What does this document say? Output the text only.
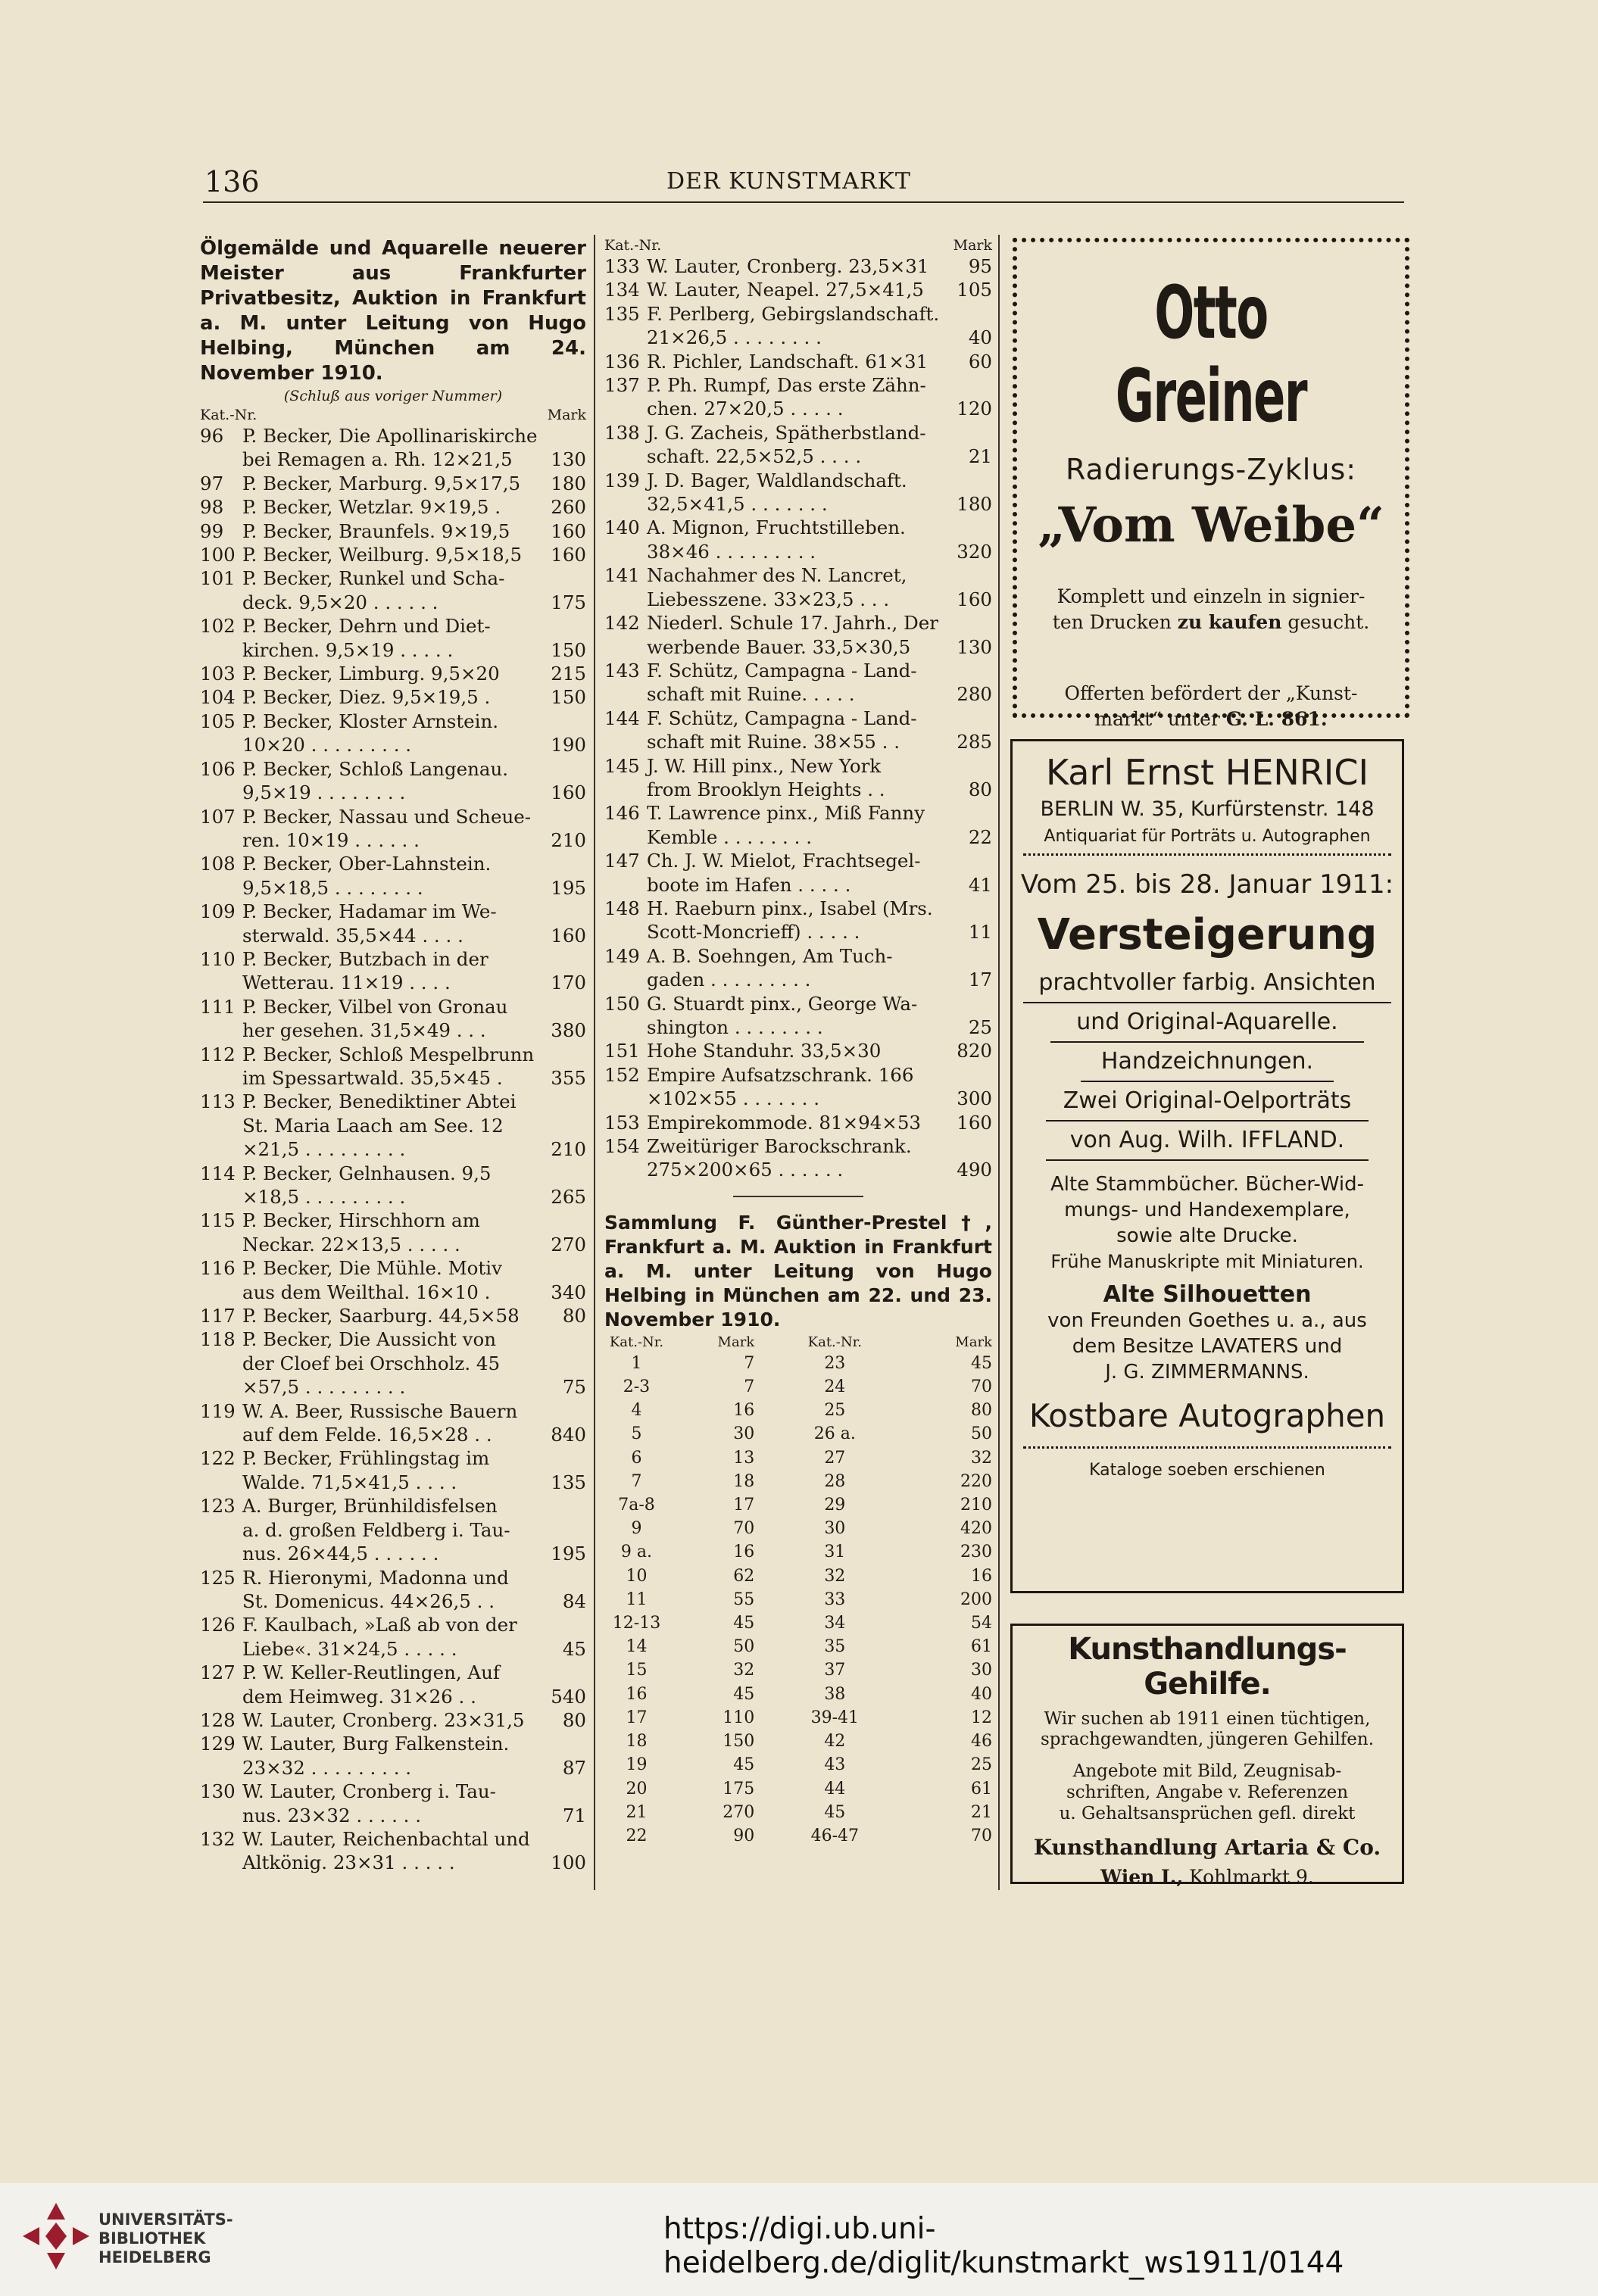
136	DER KUNSTMARKT
Ölgemälde und Aquarelle neuerer Meister aus Frankfurter Privatbesitz, Auktion in Frankfurt a. M. unter Leitung von Hugo Helbing, München am 24. November 1910.
(Schluß aus voriger Nummer)
Kat.-Nr.	Mark
96	P. Becker, Die Apollinariskirche
bei Remagen a. Rh. 12×21,5	130
97	P. Becker, Marburg. 9,5×17,5	180
98	P. Becker, Wetzlar. 9×19,5 .	260
99	P. Becker, Braunfels. 9×19,5	160
100 P. Becker, Weilburg. 9,5×18,5	160
101 P. Becker, Runkel und Scha-
deck. 9,5×20 . . . . . .	175
102 P. Becker, Dehrn und Diet-
kirchen. 9,5×19 . . . . .	150
103 P. Becker, Limburg. 9,5×20	215
104 P. Becker, Diez. 9,5×19,5 .	150
105 P. Becker, Kloster Arnstein.
10×20 . . . . . . . . .	190
106 P. Becker, Schloß Langenau.
9,5×19 . . . . . . . .	160
107 P. Becker, Nassau und Scheue-
ren. 10×19 . . . . . .	210
108 P. Becker, Ober-Lahnstein.
9,5×18,5 . . . . . . . .	195
109 P. Becker, Hadamar im We-
sterwald. 35,5×44 . . . .	160
110 P. Becker, Butzbach in der
Wetterau. 11×19 . . . .	170
111 P. Becker, Vilbel von Gronau
her gesehen. 31,5×49 . . .	380
112 P. Becker, Schloß Mespelbrunn
im Spessartwald. 35,5×45 .	355
113 P. Becker, Benediktiner Abtei
St. Maria Laach am See. 12
×21,5 . . . . . . . . .	210
114 P. Becker, Gelnhausen. 9,5
×18,5 . . . . . . . . .	265
115 P. Becker, Hirschhorn am
Neckar. 22×13,5 . . . . .	270
116 P. Becker, Die Mühle. Motiv
aus dem Weilthal. 16×10 .	340
117 P. Becker, Saarburg. 44,5×58	80
118 P. Becker, Die Aussicht von
der Cloef bei Orschholz. 45
×57,5 . . . . . . . . .	75
119 W. A. Beer, Russische Bauern
auf dem Felde. 16,5×28 . .	840
122 P. Becker, Frühlingstag im
Walde. 71,5×41,5 . . . .	135
123 A. Burger, Brünhildisfelsen
a. d. großen Feldberg i. Tau-
nus. 26×44,5 . . . . . .	195
125 R. Hieronymi, Madonna und
St. Domenicus. 44×26,5 . .	84
126 F. Kaulbach, »Laß ab von der
Liebe«. 31×24,5 . . . . .	45
127 P. W. Keller-Reutlingen, Auf
dem Heimweg. 31×26 . .	540
128 W. Lauter, Cronberg. 23×31,5	80
129 W. Lauter, Burg Falkenstein.
23×32 . . . . . . . . .	87
130 W. Lauter, Cronberg i. Tau-
nus. 23×32 . . . . . .	71
132 W. Lauter, Reichenbachtal und
Altkönig. 23×31 . . . . .	100
Kat.-Nr.	Mark
133 W. Lauter, Cronberg. 23,5×31	95
134 W. Lauter, Neapel. 27,5×41,5	105
135 F. Perlberg, Gebirgslandschaft.
21×26,5 . . . . . . . .	40
136 R. Pichler, Landschaft. 61×31	60
137 P. Ph. Rumpf, Das erste Zähn-
chen. 27×20,5 . . . . .	120
138 J. G. Zacheis, Spätherbstland-
schaft. 22,5×52,5 . . . .	21
139 J. D. Bager, Waldlandschaft.
32,5×41,5 . . . . . . .	180
140 A. Mignon, Fruchtstilleben.
38×46 . . . . . . . . .	320
141 Nachahmer des N. Lancret,
Liebesszene. 33×23,5 . . .	160
142 Niederl. Schule 17. Jahrh., Der
werbende Bauer. 33,5×30,5	130
143 F. Schütz, Campagna - Land-
schaft mit Ruine. . . . .	280
144 F. Schütz, Campagna - Land-
schaft mit Ruine. 38×55 . .	285
145 J. W. Hill pinx., New York
from Brooklyn Heights . .	80
146 T. Lawrence pinx., Miß Fanny
Kemble . . . . . . . .	22
147 Ch. J. W. Mielot, Frachtsegel-
boote im Hafen . . . . .	41
148 H. Raeburn pinx., Isabel (Mrs.
Scott-Moncrieff) . . . . .	11
149 A. B. Soehngen, Am Tuch-
gaden . . . . . . . . .	17
150 G. Stuardt pinx., George Wa-
shington . . . . . . . .	25
151 Hohe Standuhr. 33,5×30	820
152 Empire Aufsatzschrank. 166
×102×55 . . . . . . .	300
153 Empirekommode. 81×94×53	160
154 Zweitüriger Barockschrank.
275×200×65 . . . . . .	490
Sammlung F. Günther-Prestel†, Frankfurt a. M. Auktion in Frankfurt a. M. unter Leitung von Hugo Helbing in München am 22. und 23. November 1910.
Kat.-Nr.	Mark	Kat.-Nr.	Mark
1	7	23	45
2-3	7	24	70
4	16	25	80
5	30	26 a.	50
6	13	27	32
7	18	28	220
7a-8	17	29	210
9	70	30	420
9 a.	16	31	230
10	62	32	16
11	55	33	200
12-13	45	34	54
14	50	35	61
15	32	37	30
16	45	38	40
17	110	39-41	12
18	150	42	46
19	45	43	25
20	175	44	61
21	270	45	21
22	90	46-47	70
Otto Greiner
Radierungs-Zyklus:
„Vom Weibe“
Komplett und einzeln in signier-
ten Drucken zu kaufen gesucht.
Offerten befördert der „Kunst-
markt“ unter G. L. 861.
Karl Ernst HENRICI
BERLIN W. 35, Kurfürstenstr. 148
Antiquariat für Porträts u. Autographen
Vom 25. bis 28. Januar 1911:
Versteigerung
prachtvoller farbig. Ansichten
und Original-Aquarelle.
Handzeichnungen.
Zwei Original-Oelporträts
von Aug. Wilh. IFFLAND.
Alte Stammbücher. Bücher-Wid-
mungs- und Handexemplare,
sowie alte Drucke.
Frühe Manuskripte mit Miniaturen.
Alte Silhouetten
von Freunden Goethes u. a., aus
dem Besitze LAVATERS und
J. G. ZIMMERMANNS.
Kostbare Autographen
Kataloge soeben erschienen
Kunsthandlungs-Gehilfe.
Wir suchen ab 1911 einen tüchtigen,
sprachgewandten, jüngeren Gehilfen.
Angebote mit Bild, Zeugnisab-
schriften, Angabe v. Referenzen
u. Gehaltsansprüchen gefl. direkt
Kunsthandlung Artaria & Co.
Wien I., Kohlmarkt 9.
UNIVERSITÄTS-
BIBLIOTHEK
HEIDELBERG
https://digi.ub.uni-heidelberg.de/diglit/kunstmarkt_ws1911/0144
